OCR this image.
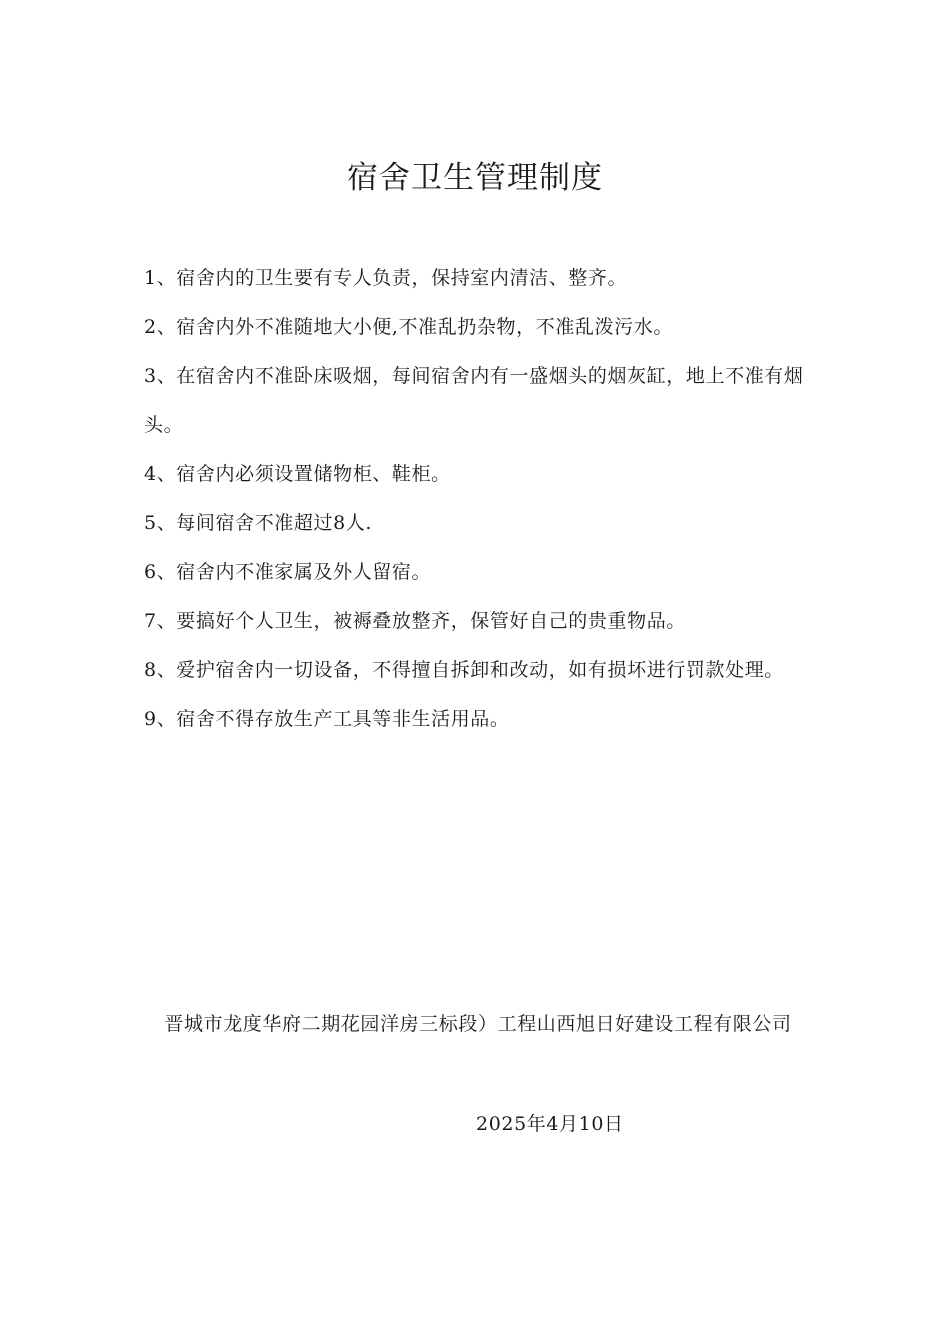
宿舍卫生管理制度
1、宿舍内的卫生要有专人负责，保持室内清洁、整齐。
2、宿舍内外不准随地大小便,不准乱扔杂物，不准乱泼污水。
3、在宿舍内不准卧床吸烟，每间宿舍内有一盛烟头的烟灰缸，地上不准有烟头。
4、宿舍内必须设置储物柜、鞋柜。
5、每间宿舍不准超过8人.
6、宿舍内不准家属及外人留宿。
7、要搞好个人卫生，被褥叠放整齐，保管好自己的贵重物品。
8、爱护宿舍内一切设备，不得擅自拆卸和改动，如有损坏进行罚款处理。
9、宿舍不得存放生产工具等非生活用品。

晋城市龙度华府二期花园洋房三标段）工程山西旭日好建设工程有限公司

2025年4月10日
